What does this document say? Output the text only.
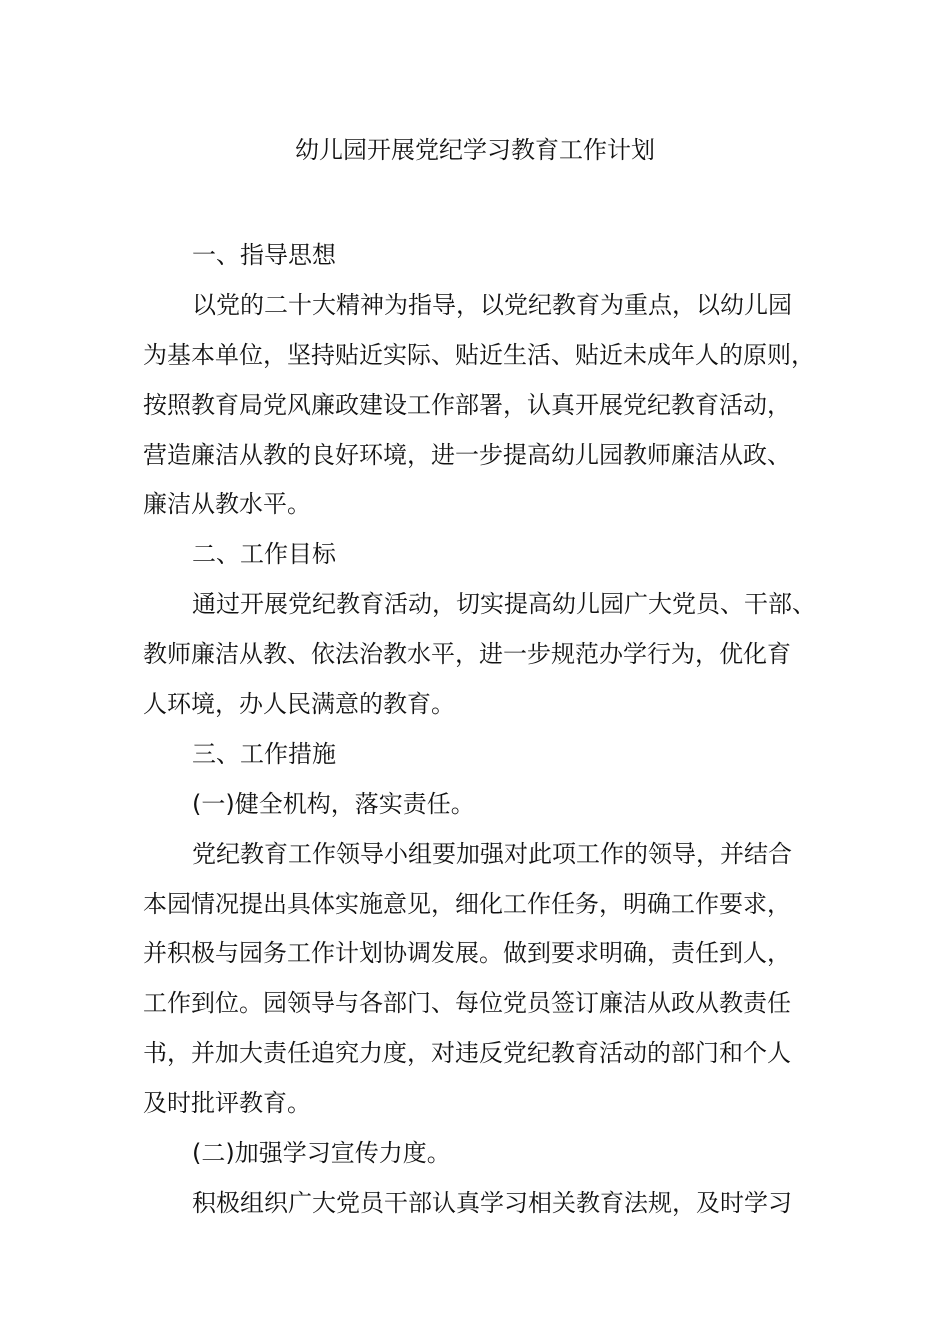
幼儿园开展党纪学习教育工作计划
一、指导思想
以党的二十大精神为指导，以党纪教育为重点，以幼儿园
为基本单位，坚持贴近实际、贴近生活、贴近未成年人的原则，
按照教育局党风廉政建设工作部署，认真开展党纪教育活动，
营造廉洁从教的良好环境，进一步提高幼儿园教师廉洁从政、
廉洁从教水平。
二、工作目标
通过开展党纪教育活动，切实提高幼儿园广大党员、干部、
教师廉洁从教、依法治教水平，进一步规范办学行为，优化育
人环境，办人民满意的教育。
三、工作措施
(一)健全机构，落实责任。
党纪教育工作领导小组要加强对此项工作的领导，并结合
本园情况提出具体实施意见，细化工作任务，明确工作要求，
并积极与园务工作计划协调发展。做到要求明确，责任到人，
工作到位。园领导与各部门、每位党员签订廉洁从政从教责任
书，并加大责任追究力度，对违反党纪教育活动的部门和个人
及时批评教育。
(二)加强学习宣传力度。
积极组织广大党员干部认真学习相关教育法规，及时学习
